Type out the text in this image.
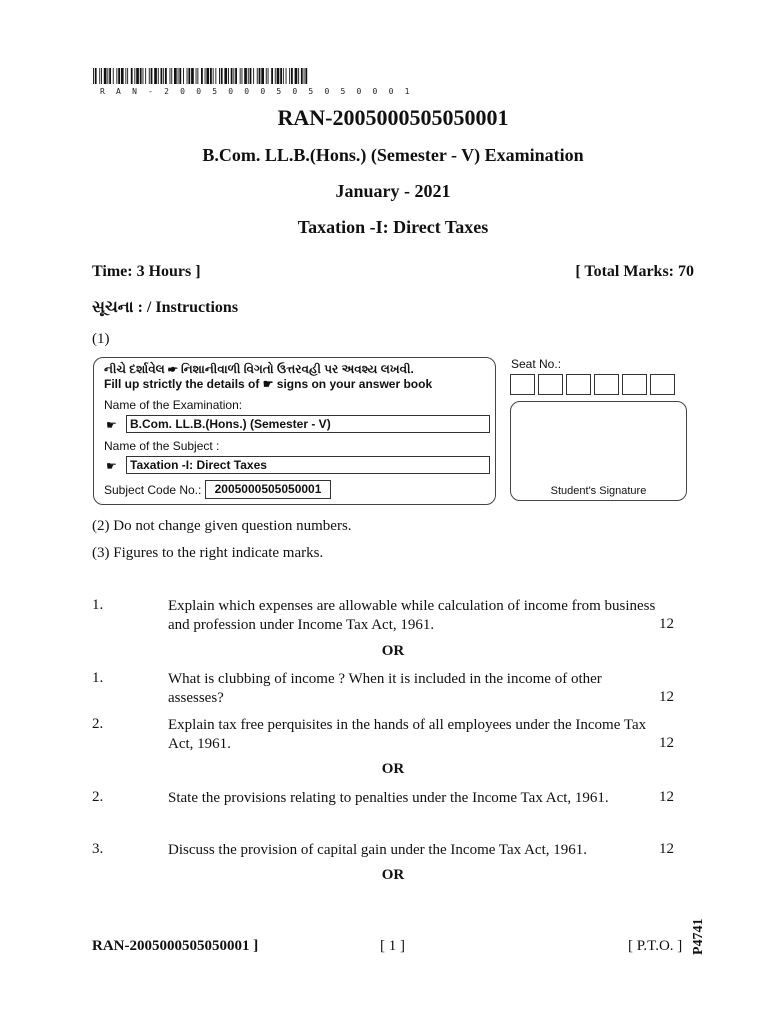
R A N - 2 0 0 5 0 0 0 5 0 5 0 5 0 0 0 1
RAN-2005000505050001
B.Com. LL.B.(Hons.) (Semester - V) Examination
January - 2021
Taxation -I: Direct Taxes
Time: 3 Hours ]	[ Total Marks: 70
સૂચના : / Instructions
(1)
નીચે દર્શાવેલ ☛ નિશાનીવાળી વિગતો ઉત્તરવહી પર અવશ્ય લખવી.
Fill up strictly the details of ☛ signs on your answer book
Name of the Examination:
☛	B.Com. LL.B.(Hons.) (Semester - V)
Name of the Subject :
☛	Taxation -I: Direct Taxes
Subject Code No.:	2005000505050001
Seat No.:
Student's Signature
(2) Do not change given question numbers.
(3) Figures to the right indicate marks.
1.	Explain which expenses are allowable while calculation of income from business and profession under Income Tax Act, 1961.	12
OR
1.	What is clubbing of income ? When it is included in the income of other assesses?	12
2.	Explain tax free perquisites in the hands of all employees under the Income Tax Act, 1961.	12
OR
2.	State the provisions relating to penalties under the Income Tax Act, 1961.	12
3.	Discuss the provision of capital gain under the Income Tax Act, 1961.	12
OR
RAN-2005000505050001 ]	[ 1 ]	[ P.T.O. ] P4741
